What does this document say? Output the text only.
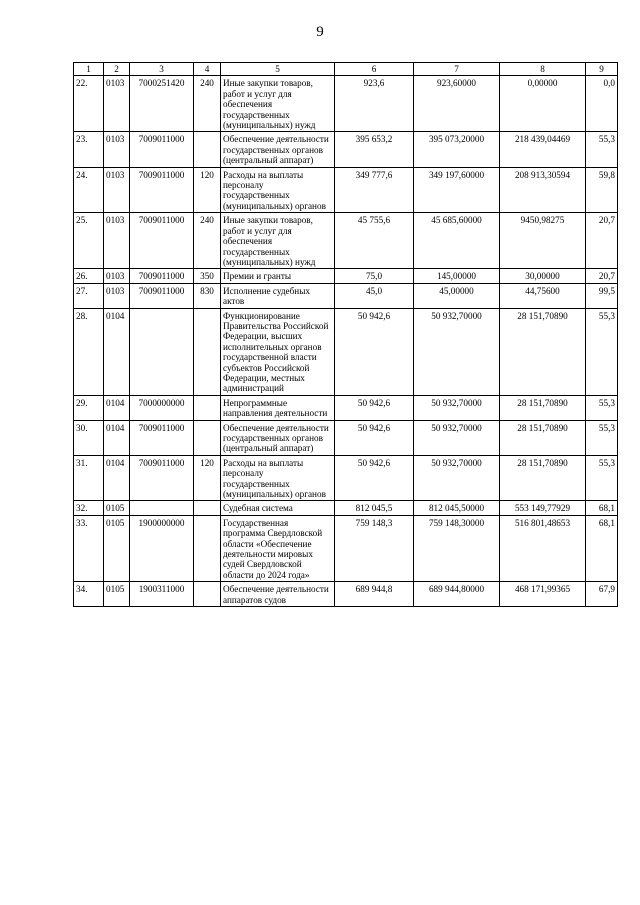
9
1	2	3	4	5	6	7	8	9
22.	0103	7000251420	240	Иные закупки товаров, работ и услуг для обеспечения государственных (муниципальных) нужд	923,6	923,60000	0,00000	0,0
23.	0103	7009011000		Обеспечение деятельности государственных органов (центральный аппарат)	395 653,2	395 073,20000	218 439,04469	55,3
24.	0103	7009011000	120	Расходы на выплаты персоналу государственных (муниципальных) органов	349 777,6	349 197,60000	208 913,30594	59,8
25.	0103	7009011000	240	Иные закупки товаров, работ и услуг для обеспечения государственных (муниципальных) нужд	45 755,6	45 685,60000	9450,98275	20,7
26.	0103	7009011000	350	Премии и гранты	75,0	145,00000	30,00000	20,7
27.	0103	7009011000	830	Исполнение судебных актов	45,0	45,00000	44,75600	99,5
28.	0104			Функционирование Правительства Российской Федерации, высших исполнительных органов государственной власти субъектов Российской Федерации, местных администраций	50 942,6	50 932,70000	28 151,70890	55,3
29.	0104	7000000000		Непрограммные направления деятельности	50 942,6	50 932,70000	28 151,70890	55,3
30.	0104	7009011000		Обеспечение деятельности государственных органов (центральный аппарат)	50 942,6	50 932,70000	28 151,70890	55,3
31.	0104	7009011000	120	Расходы на выплаты персоналу государственных (муниципальных) органов	50 942,6	50 932,70000	28 151,70890	55,3
32.	0105			Судебная система	812 045,5	812 045,50000	553 149,77929	68,1
33.	0105	1900000000		Государственная программа Свердловской области «Обеспечение деятельности мировых судей Свердловской области до 2024 года»	759 148,3	759 148,30000	516 801,48653	68,1
34.	0105	1900311000		Обеспечение деятельности аппаратов судов	689 944,8	689 944,80000	468 171,99365	67,9
